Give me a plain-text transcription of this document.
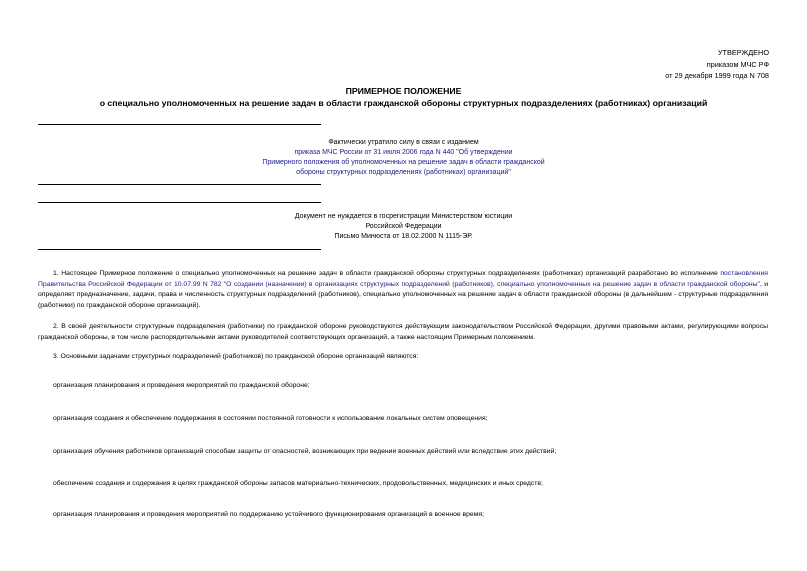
УТВЕРЖДЕНО
приказом МЧС РФ
от 29 декабря 1999 года N 708
ПРИМЕРНОЕ ПОЛОЖЕНИЕ
о специально уполномоченных на решение задач в области гражданской обороны структурных подразделениях (работниках) организаций
Фактически утратило силу в связи с изданием
приказа МЧС России от 31 июля 2006 года N 440 "Об утверждении
Примерного положения об уполномоченных на решение задач в области гражданской
обороны структурных подразделениях (работниках) организаций"
Документ не нуждается в госрегистрации Министерством юстиции
Российской Федерации
Письмо Минюста от 18.02.2000 N 1115-ЭР.
1. Настоящее Примерное положение о специально уполномоченных на решение задач в области гражданской обороны структурных подразделениях (работниках) организаций разработано во исполнение постановления Правительства Российской Федерации от 10.07.99 N 782 "О создании (назначении) в организациях структурных подразделений (работников), специально уполномоченных на решение задач в области гражданской обороны", и определяет предназначение, задачи, права и численность структурных подразделений (работников), специально уполномоченных на решение задач в области гражданской обороны (в дальнейшем - структурные подразделения (работники) по гражданской обороне организаций).
2. В своей деятельности структурные подразделения (работники) по гражданской обороне руководствуются действующим законодательством Российской Федерации, другими правовыми актами, регулирующими вопросы гражданской обороны, в том числе распорядительными актами руководителей соответствующих организаций, а также настоящим Примерным положением.
3. Основными задачами структурных подразделений (работников) по гражданской обороне организаций являются:
организация планирования и проведения мероприятий по гражданской обороне;
организация создания и обеспечение поддержания в состоянии постоянной готовности к использование локальных систем оповещения;
организация обучения работников организаций способам защиты от опасностей, возникающих при ведении военных действий или вследствие этих действий;
обеспечение создания и содержания в целях гражданской обороны запасов материально-технических, продовольственных, медицинских и иных средств;
организация планирования и проведения мероприятий по поддержанию устойчивого функционирования организаций в военное время;
